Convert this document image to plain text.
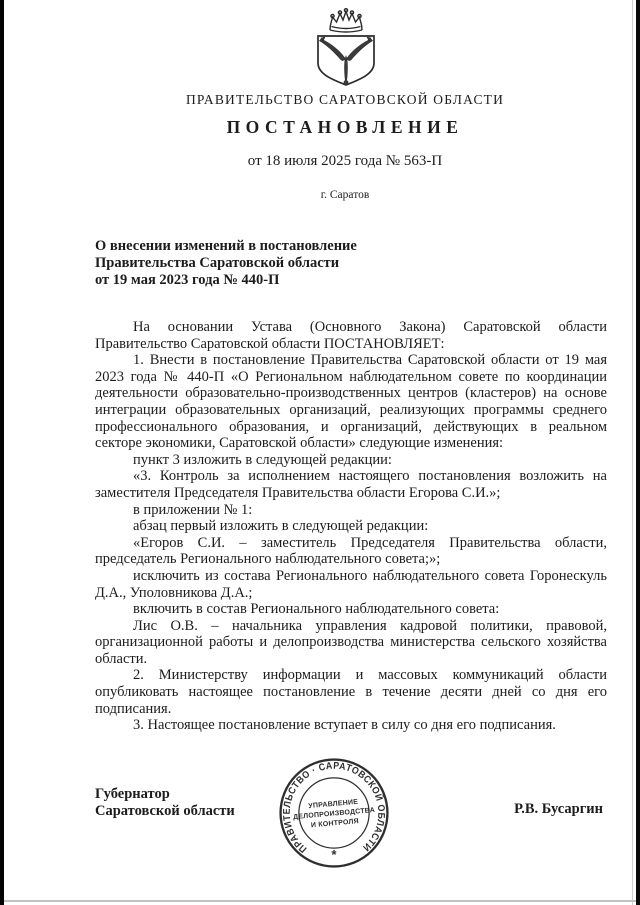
ПРАВИТЕЛЬСТВО САРАТОВСКОЙ ОБЛАСТИ
ПОСТАНОВЛЕНИЕ
от 18 июля 2025 года № 563-П
г. Саратов
О внесении изменений в постановление
Правительства Саратовской области
от 19 мая 2023 года № 440-П

На основании Устава (Основного Закона) Саратовской области Правительство Саратовской области ПОСТАНОВЛЯЕТ:

1. Внести в постановление Правительства Саратовской области от 19 мая 2023 года № 440-П «О Региональном наблюдательном совете по координации деятельности образовательно-производственных центров (кластеров) на основе интеграции образовательных организаций, реализующих программы среднего профессионального образования, и организаций, действующих в реальном секторе экономики, Саратовской области» следующие изменения:

пункт 3 изложить в следующей редакции:

«3. Контроль за исполнением настоящего постановления возложить на заместителя Председателя Правительства области Егорова С.И.»;

в приложении № 1:

абзац первый изложить в следующей редакции:

«Егоров С.И. – заместитель Председателя Правительства области, председатель Регионального наблюдательного совета;»;

исключить из состава Регионального наблюдательного совета Горонескуль Д.А., Уполовникова Д.А.;

включить в состав Регионального наблюдательного совета:

Лис О.В. – начальника управления кадровой политики, правовой, организационной работы и делопроизводства министерства сельского хозяйства области.

2. Министерству информации и массовых коммуникаций области опубликовать настоящее постановление в течение десяти дней со дня его подписания.

3. Настоящее постановление вступает в силу со дня его подписания.

Губернатор
Саратовской области	Р.В. Бусаргин
ПРАВИТЕЛЬСТВО · САРАТОВСКОЙ ОБЛАСТИ
*
УПРАВЛЕНИЕ
ДЕЛОПРОИЗВОДСТВА
И КОНТРОЛЯ
